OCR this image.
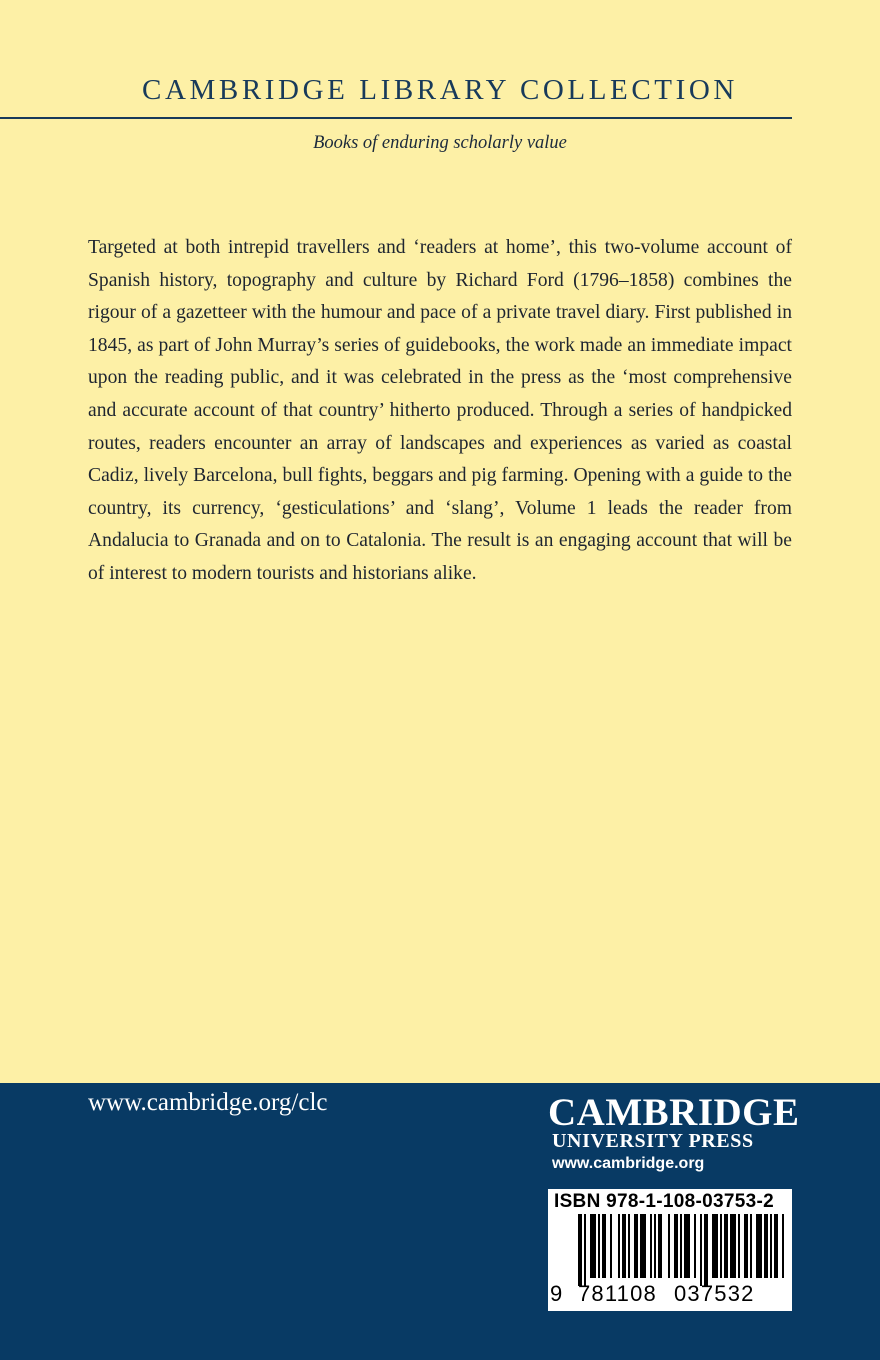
CAMBRIDGE LIBRARY COLLECTION
Books of enduring scholarly value
Targeted at both intrepid travellers and ‘readers at home’, this two-volume account of Spanish history, topography and culture by Richard Ford (1796–1858) combines the rigour of a gazetteer with the humour and pace of a private travel diary. First published in 1845, as part of John Murray’s series of guidebooks, the work made an immediate impact upon the reading public, and it was celebrated in the press as the ‘most comprehensive and accurate account of that country’ hitherto produced. Through a series of handpicked routes, readers encounter an array of landscapes and experiences as varied as coastal Cadiz, lively Barcelona, bull fights, beggars and pig farming. Opening with a guide to the country, its currency, ‘gesticulations’ and ‘slang’, Volume 1 leads the reader from Andalucia to Granada and on to Catalonia. The result is an engaging account that will be of interest to modern tourists and historians alike.
www.cambridge.org/clc	CAMBRIDGE
UNIVERSITY PRESS
www.cambridge.org
ISBN 978-1-108-03753-2
9 781108 037532
